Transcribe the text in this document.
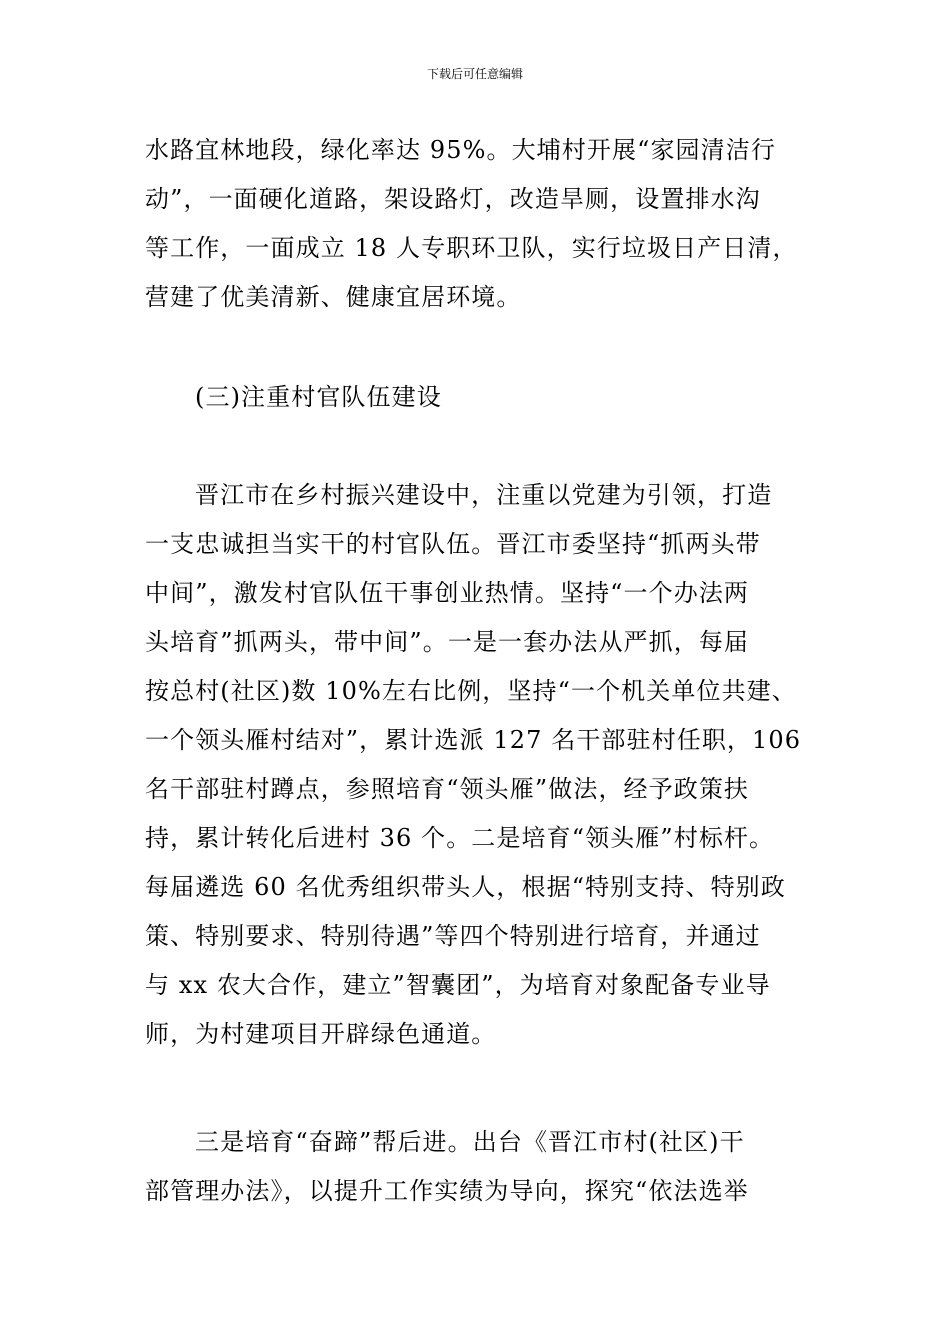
下载后可任意编辑
水路宜林地段，绿化率达 95%。大埔村开展“家园清洁行
动”，一面硬化道路，架设路灯，改造旱厕，设置排水沟
等工作，一面成立 18 人专职环卫队，实行垃圾日产日清，
营建了优美清新、健康宜居环境。
(三)注重村官队伍建设
晋江市在乡村振兴建设中，注重以党建为引领，打造
一支忠诚担当实干的村官队伍。晋江市委坚持“抓两头带
中间”，激发村官队伍干事创业热情。坚持“一个办法两
头培育”抓两头，带中间”。一是一套办法从严抓，每届
按总村(社区)数 10%左右比例，坚持“一个机关单位共建、
一个领头雁村结对”，累计选派 127 名干部驻村任职，106
名干部驻村蹲点，参照培育“领头雁”做法，经予政策扶
持，累计转化后进村 36 个。二是培育“领头雁”村标杆。
每届遴选 60 名优秀组织带头人，根据“特别支持、特别政
策、特别要求、特别待遇”等四个特别进行培育，并通过
与 xx 农大合作，建立”智囊团”，为培育对象配备专业导
师，为村建项目开辟绿色通道。
三是培育“奋蹄”帮后进。出台《晋江市村(社区)干
部管理办法》，以提升工作实绩为导向，探究“依法选举
